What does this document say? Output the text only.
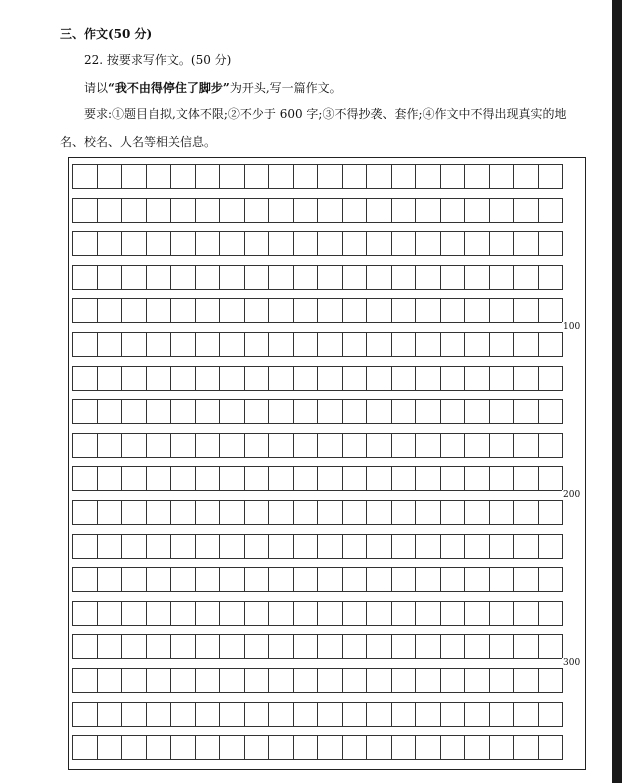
三、作文(50 分)
22. 按要求写作文。(50 分)
请以“我不由得停住了脚步”为开头,写一篇作文。
要求:①题目自拟,文体不限;②不少于 600 字;③不得抄袭、套作;④作文中不得出现真实的地
名、校名、人名等相关信息。
100
200
300
